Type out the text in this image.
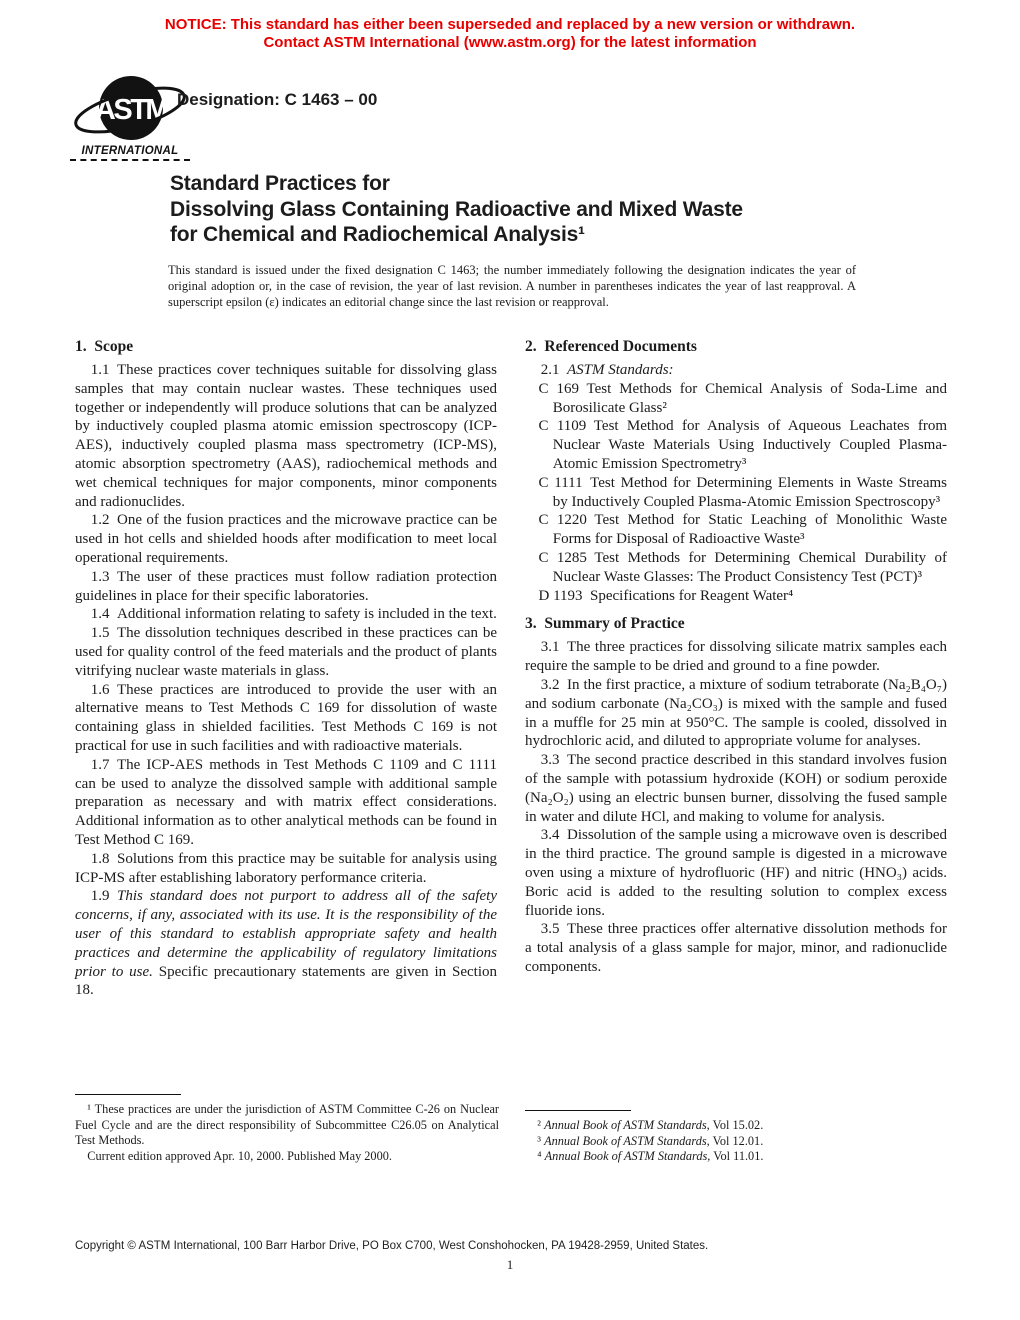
NOTICE: This standard has either been superseded and replaced by a new version or withdrawn.
Contact ASTM International (www.astm.org) for the latest information
ASTM
INTERNATIONAL
Designation: C 1463 – 00
Standard Practices for
Dissolving Glass Containing Radioactive and Mixed Waste
for Chemical and Radiochemical Analysis¹
This standard is issued under the fixed designation C 1463; the number immediately following the designation indicates the year of original adoption or, in the case of revision, the year of last revision. A number in parentheses indicates the year of last reapproval. A superscript epsilon (ε) indicates an editorial change since the last revision or reapproval.
1. Scope

1.1 These practices cover techniques suitable for dissolving glass samples that may contain nuclear wastes. These techniques used together or independently will produce solutions that can be analyzed by inductively coupled plasma atomic emission spectroscopy (ICP-AES), inductively coupled plasma mass spectrometry (ICP-MS), atomic absorption spectrometry (AAS), radiochemical methods and wet chemical techniques for major components, minor components and radionuclides.

1.2 One of the fusion practices and the microwave practice can be used in hot cells and shielded hoods after modification to meet local operational requirements.

1.3 The user of these practices must follow radiation protection guidelines in place for their specific laboratories.

1.4 Additional information relating to safety is included in the text.

1.5 The dissolution techniques described in these practices can be used for quality control of the feed materials and the product of plants vitrifying nuclear waste materials in glass.

1.6 These practices are introduced to provide the user with an alternative means to Test Methods C 169 for dissolution of waste containing glass in shielded facilities. Test Methods C 169 is not practical for use in such facilities and with radioactive materials.

1.7 The ICP-AES methods in Test Methods C 1109 and C 1111 can be used to analyze the dissolved sample with additional sample preparation as necessary and with matrix effect considerations. Additional information as to other analytical methods can be found in Test Method C 169.

1.8 Solutions from this practice may be suitable for analysis using ICP-MS after establishing laboratory performance criteria.

1.9 This standard does not purport to address all of the safety concerns, if any, associated with its use. It is the responsibility of the user of this standard to establish appropriate safety and health practices and determine the applicability of regulatory limitations prior to use. Specific precautionary statements are given in Section 18.

2. Referenced Documents

2.1 ASTM Standards:

C 169 Test Methods for Chemical Analysis of Soda-Lime and Borosilicate Glass²

C 1109 Test Method for Analysis of Aqueous Leachates from Nuclear Waste Materials Using Inductively Coupled Plasma-Atomic Emission Spectrometry³

C 1111 Test Method for Determining Elements in Waste Streams by Inductively Coupled Plasma-Atomic Emission Spectroscopy³

C 1220 Test Method for Static Leaching of Monolithic Waste Forms for Disposal of Radioactive Waste³

C 1285 Test Methods for Determining Chemical Durability of Nuclear Waste Glasses: The Product Consistency Test (PCT)³

D 1193 Specifications for Reagent Water⁴

3. Summary of Practice

3.1 The three practices for dissolving silicate matrix samples each require the sample to be dried and ground to a fine powder.

3.2 In the first practice, a mixture of sodium tetraborate (Na₂B₄O₇) and sodium carbonate (Na₂CO₃) is mixed with the sample and fused in a muffle for 25 min at 950°C. The sample is cooled, dissolved in hydrochloric acid, and diluted to appropriate volume for analyses.

3.3 The second practice described in this standard involves fusion of the sample with potassium hydroxide (KOH) or sodium peroxide (Na₂O₂) using an electric bunsen burner, dissolving the fused sample in water and dilute HCl, and making to volume for analysis.

3.4 Dissolution of the sample using a microwave oven is described in the third practice. The ground sample is digested in a microwave oven using a mixture of hydrofluoric (HF) and nitric (HNO₃) acids. Boric acid is added to the resulting solution to complex excess fluoride ions.

3.5 These three practices offer alternative dissolution methods for a total analysis of a glass sample for major, minor, and radionuclide components.

¹ These practices are under the jurisdiction of ASTM Committee C-26 on Nuclear Fuel Cycle and are the direct responsibility of Subcommittee C26.05 on Analytical Test Methods.

Current edition approved Apr. 10, 2000. Published May 2000.

² Annual Book of ASTM Standards, Vol 15.02.

³ Annual Book of ASTM Standards, Vol 12.01.

⁴ Annual Book of ASTM Standards, Vol 11.01.

Copyright © ASTM International, 100 Barr Harbor Drive, PO Box C700, West Conshohocken, PA 19428-2959, United States.
1
